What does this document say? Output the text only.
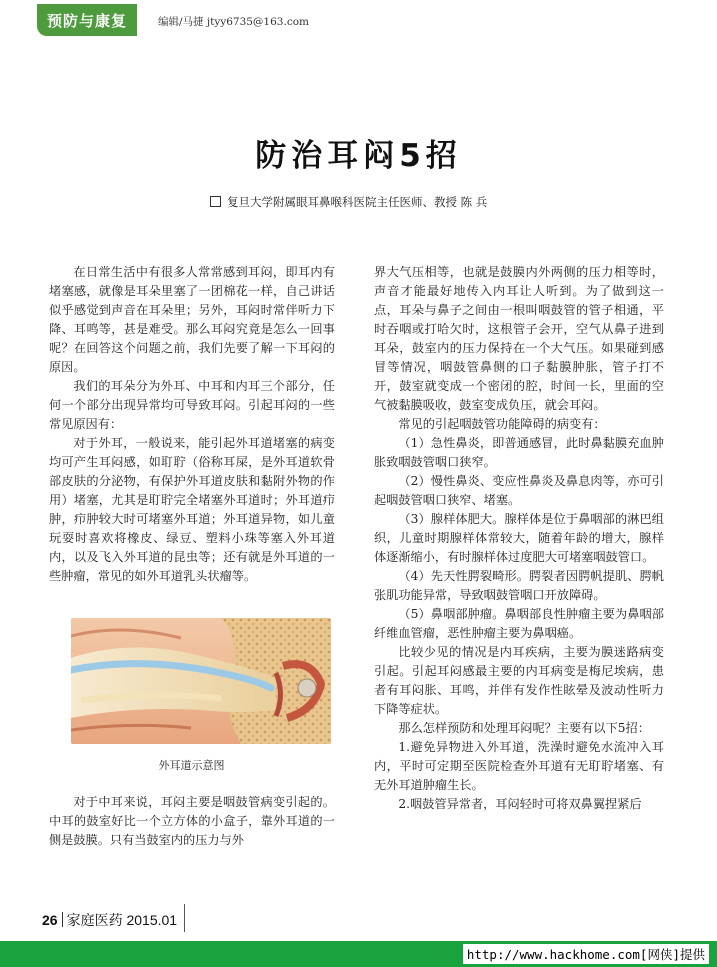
预防与康复	编辑/马捷 jtyy6735@163.com
防治耳闷5招
复旦大学附属眼耳鼻喉科医院主任医师、教授 陈 兵

在日常生活中有很多人常常感到耳闷，即耳内有堵塞感，就像是耳朵里塞了一团棉花一样，自己讲话似乎感觉到声音在耳朵里；另外，耳闷时常伴听力下降、耳鸣等，甚是难受。那么耳闷究竟是怎么一回事呢？在回答这个问题之前，我们先要了解一下耳闷的原因。

我们的耳朵分为外耳、中耳和内耳三个部分，任何一个部分出现异常均可导致耳闷。引起耳闷的一些常见原因有：

对于外耳，一般说来，能引起外耳道堵塞的病变均可产生耳闷感，如耵聍（俗称耳屎，是外耳道软骨部皮肤的分泌物，有保护外耳道皮肤和黏附外物的作用）堵塞，尤其是耵聍完全堵塞外耳道时；外耳道疖肿，疖肿较大时可堵塞外耳道；外耳道异物，如儿童玩耍时喜欢将橡皮、绿豆、塑料小珠等塞入外耳道内，以及飞入外耳道的昆虫等；还有就是外耳道的一些肿瘤，常见的如外耳道乳头状瘤等。

外耳道示意图

对于中耳来说，耳闷主要是咽鼓管病变引起的。中耳的鼓室好比一个立方体的小盒子，靠外耳道的一侧是鼓膜。只有当鼓室内的压力与外

界大气压相等，也就是鼓膜内外两侧的压力相等时，声音才能最好地传入内耳让人听到。为了做到这一点，耳朵与鼻子之间由一根叫咽鼓管的管子相通，平时吞咽或打哈欠时，这根管子会开，空气从鼻子进到耳朵，鼓室内的压力保持在一个大气压。如果碰到感冒等情况，咽鼓管鼻侧的口子黏膜肿胀，管子打不开，鼓室就变成一个密闭的腔，时间一长，里面的空气被黏膜吸收，鼓室变成负压，就会耳闷。

常见的引起咽鼓管功能障碍的病变有：

（1）急性鼻炎，即普通感冒，此时鼻黏膜充血肿胀致咽鼓管咽口狭窄。

（2）慢性鼻炎、变应性鼻炎及鼻息肉等，亦可引起咽鼓管咽口狭窄、堵塞。

（3）腺样体肥大。腺样体是位于鼻咽部的淋巴组织，儿童时期腺样体常较大，随着年龄的增大，腺样体逐渐缩小，有时腺样体过度肥大可堵塞咽鼓管口。

（4）先天性腭裂畸形。腭裂者因腭帆提肌、腭帆张肌功能异常，导致咽鼓管咽口开放障碍。

（5）鼻咽部肿瘤。鼻咽部良性肿瘤主要为鼻咽部纤维血管瘤，恶性肿瘤主要为鼻咽癌。

比较少见的情况是内耳疾病，主要为膜迷路病变引起。引起耳闷感最主要的内耳病变是梅尼埃病，患者有耳闷胀、耳鸣，并伴有发作性眩晕及波动性听力下降等症状。

那么怎样预防和处理耳闷呢？主要有以下5招：

1.避免异物进入外耳道，洗澡时避免水流冲入耳内，平时可定期至医院检查外耳道有无耵聍堵塞、有无外耳道肿瘤生长。

2.咽鼓管异常者，耳闷轻时可将双鼻翼捏紧后

26 家庭医药 2015.01
http://www.hackhome.com[网侠]提供
